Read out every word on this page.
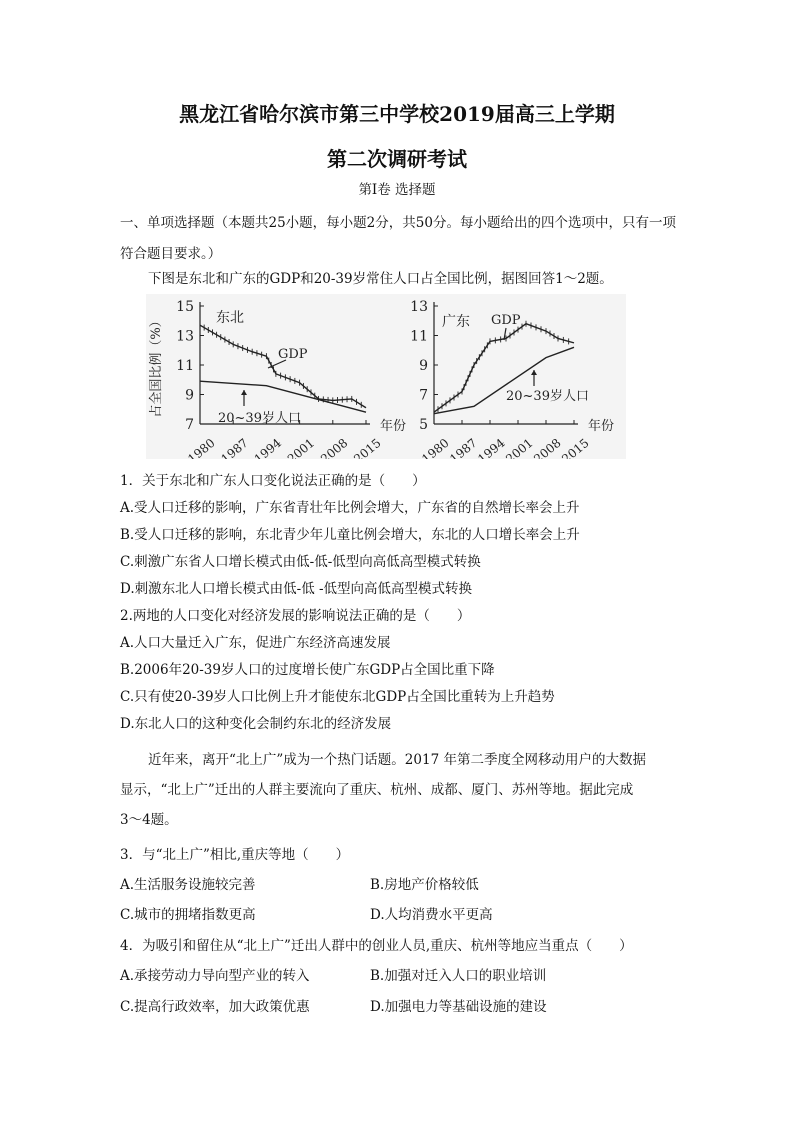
黑龙江省哈尔滨市第三中学校2019届高三上学期
第二次调研考试
第I卷 选择题
一、单项选择题（本题共25小题，每小题2分，共50分。每小题给出的四个选项中，只有一项符合题目要求。）
下图是东北和广东的GDP和20-39岁常住人口占全国比例，据图回答1～2题。
15
13
11
9
7
1980 1987 1994 2001 2008 2015
年份
占全国比例（%）	东北
GDP
20~39岁人口
13
11
9
7
5
1980
1987
1994
2001
2008
2015
年份
广东 GDP
20~39岁人口
1．关于东北和广东人口变化说法正确的是（　　）
A.受人口迁移的影响，广东省青壮年比例会增大，广东省的自然增长率会上升
B.受人口迁移的影响，东北青少年儿童比例会增大，东北的人口增长率会上升
C.刺激广东省人口增长模式由低-低-低型向高低高型模式转换
D.刺激东北人口增长模式由低-低 -低型向高低高型模式转换
2.两地的人口变化对经济发展的影响说法正确的是（　　）
A.人口大量迁入广东，促进广东经济高速发展
B.2006年20-39岁人口的过度增长使广东GDP占全国比重下降
C.只有使20-39岁人口比例上升才能使东北GDP占全国比重转为上升趋势
D.东北人口的这种变化会制约东北的经济发展
近年来，离开“北上广”成为一个热门话题。2017 年第二季度全网移动用户的大数据
显示，“北上广”迁出的人群主要流向了重庆、杭州、成都、厦门、苏州等地。据此完成
3～4题。
3．与“北上广”相比,重庆等地（　　）
A.生活服务设施较完善	B.房地产价格较低
C.城市的拥堵指数更高	D.人均消费水平更高
4．为吸引和留住从“北上广”迁出人群中的创业人员,重庆、杭州等地应当重点（　　）
A.承接劳动力导向型产业的转入	B.加强对迁入人口的职业培训
C.提高行政效率，加大政策优惠	D.加强电力等基础设施的建设
